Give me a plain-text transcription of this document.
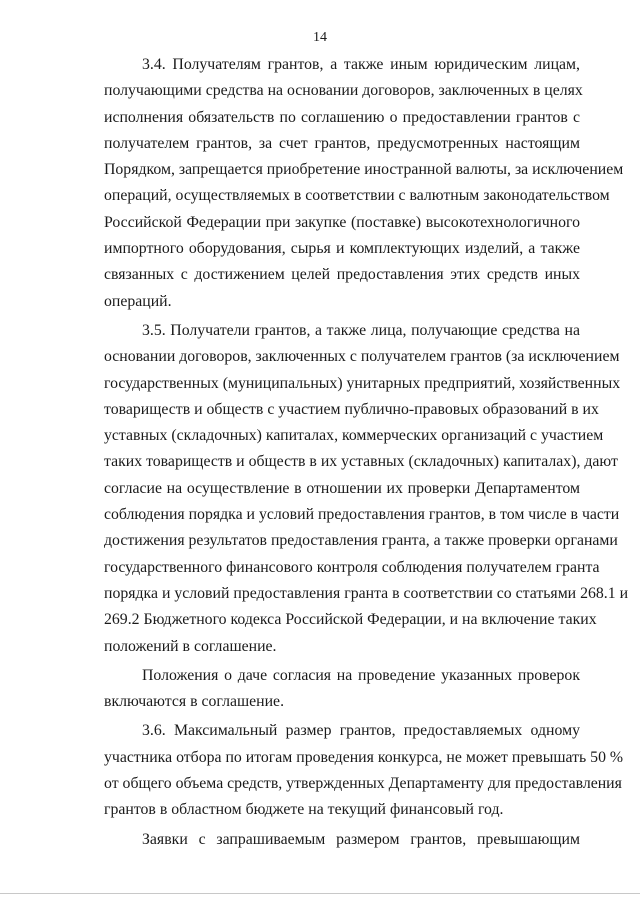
14
3.4. Получателям грантов, а также иным юридическим лицам,
получающими средства на основании договоров, заключенных в целях
исполнения обязательств по соглашению о предоставлении грантов с
получателем грантов, за счет грантов, предусмотренных настоящим
Порядком, запрещается приобретение иностранной валюты, за исключением
операций, осуществляемых в соответствии с валютным законодательством
Российской Федерации при закупке (поставке) высокотехнологичного
импортного оборудования, сырья и комплектующих изделий, а также
связанных с достижением целей предоставления этих средств иных
операций.
3.5. Получатели грантов, а также лица, получающие средства на
основании договоров, заключенных с получателем грантов (за исключением
государственных (муниципальных) унитарных предприятий, хозяйственных
товариществ и обществ с участием публично-правовых образований в их
уставных (складочных) капиталах, коммерческих организаций с участием
таких товариществ и обществ в их уставных (складочных) капиталах), дают
согласие на осуществление в отношении их проверки Департаментом
соблюдения порядка и условий предоставления грантов, в том числе в части
достижения результатов предоставления гранта, а также проверки органами
государственного финансового контроля соблюдения получателем гранта
порядка и условий предоставления гранта в соответствии со статьями 268.1 и
269.2 Бюджетного кодекса Российской Федерации, и на включение таких
положений в соглашение.
Положения о даче согласия на проведение указанных проверок
включаются в соглашение.
3.6. Максимальный размер грантов, предоставляемых одному
участника отбора по итогам проведения конкурса, не может превышать 50 %
от общего объема средств, утвержденных Департаменту для предоставления
грантов в областном бюджете на текущий финансовый год.
Заявки с запрашиваемым размером грантов, превышающим
